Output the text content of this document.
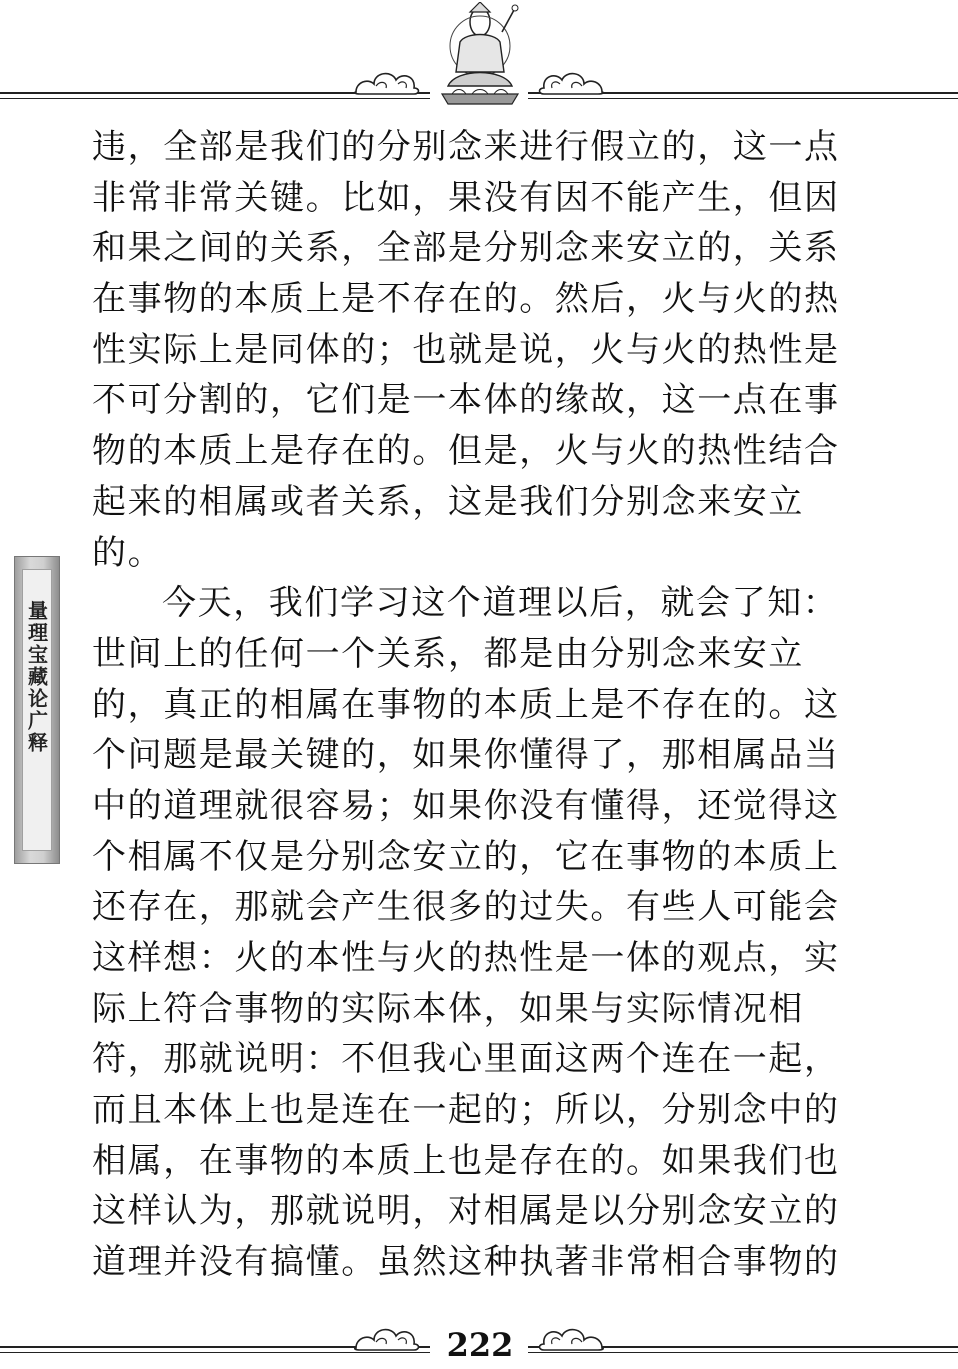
量理宝藏论广释
违，全部是我们的分别念来进行假立的，这一点
非常非常关键。比如，果没有因不能产生，但因
和果之间的关系，全部是分别念来安立的，关系
在事物的本质上是不存在的。然后，火与火的热
性实际上是同体的；也就是说，火与火的热性是
不可分割的，它们是一本体的缘故，这一点在事
物的本质上是存在的。但是，火与火的热性结合
起来的相属或者关系，这是我们分别念来安立
的。
今天，我们学习这个道理以后，就会了知：
世间上的任何一个关系，都是由分别念来安立
的，真正的相属在事物的本质上是不存在的。这
个问题是最关键的，如果你懂得了，那相属品当
中的道理就很容易；如果你没有懂得，还觉得这
个相属不仅是分别念安立的，它在事物的本质上
还存在，那就会产生很多的过失。有些人可能会
这样想：火的本性与火的热性是一体的观点，实
际上符合事物的实际本体，如果与实际情况相
符，那就说明：不但我心里面这两个连在一起，
而且本体上也是连在一起的；所以，分别念中的
相属，在事物的本质上也是存在的。如果我们也
这样认为，那就说明，对相属是以分别念安立的
道理并没有搞懂。虽然这种执著非常相合事物的
222
